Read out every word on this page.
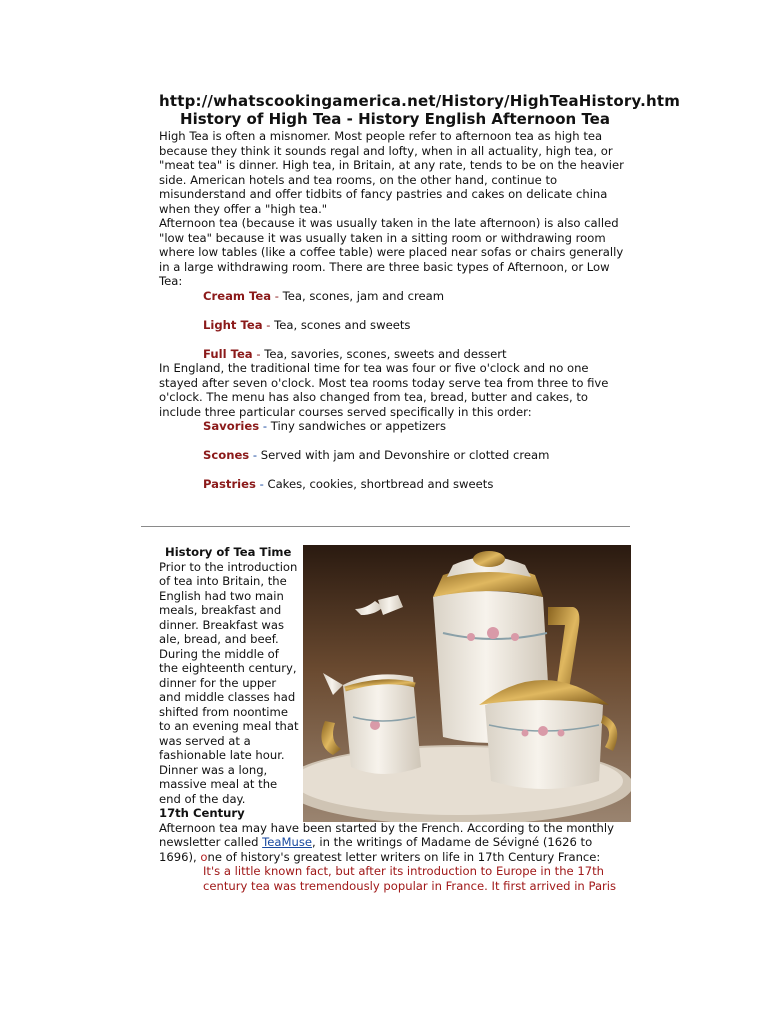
http://whatscookingamerica.net/History/HighTeaHistory.htm
History of High Tea - History English Afternoon Tea

High Tea is often a misnomer. Most people refer to afternoon tea as high tea because they think it sounds regal and lofty, when in all actuality, high tea, or "meat tea" is dinner. High tea, in Britain, at any rate, tends to be on the heavier side. American hotels and tea rooms, on the other hand, continue to misunderstand and offer tidbits of fancy pastries and cakes on delicate china when they offer a "high tea."

Afternoon tea (because it was usually taken in the late afternoon) is also called "low tea" because it was usually taken in a sitting room or withdrawing room where low tables (like a coffee table) were placed near sofas or chairs generally in a large withdrawing room. There are three basic types of Afternoon, or Low Tea:

Cream Tea - Tea, scones, jam and cream
Light Tea - Tea, scones and sweets
Full Tea - Tea, savories, scones, sweets and dessert

In England, the traditional time for tea was four or five o'clock and no one stayed after seven o'clock. Most tea rooms today serve tea from three to five o'clock. The menu has also changed from tea, bread, butter and cakes, to include three particular courses served specifically in this order:

Savories - Tiny sandwiches or appetizers
Scones - Served with jam and Devonshire or clotted cream
Pastries - Cakes, cookies, shortbread and sweets
History of Tea Time

Prior to the introduction of tea into Britain, the English had two main meals, breakfast and dinner. Breakfast was ale, bread, and beef. During the middle of the eighteenth century, dinner for the upper and middle classes had shifted from noontime to an evening meal that was served at a fashionable late hour. Dinner was a long, massive meal at the end of the day.

17th Century

Afternoon tea may have been started by the French. According to the monthly newsletter called TeaMuse, in the writings of Madame de Sévigné (1626 to 1696), one of history's greatest letter writers on life in 17th Century France:

It's a little known fact, but after its introduction to Europe in the 17th century tea was tremendously popular in France. It first arrived in Paris
